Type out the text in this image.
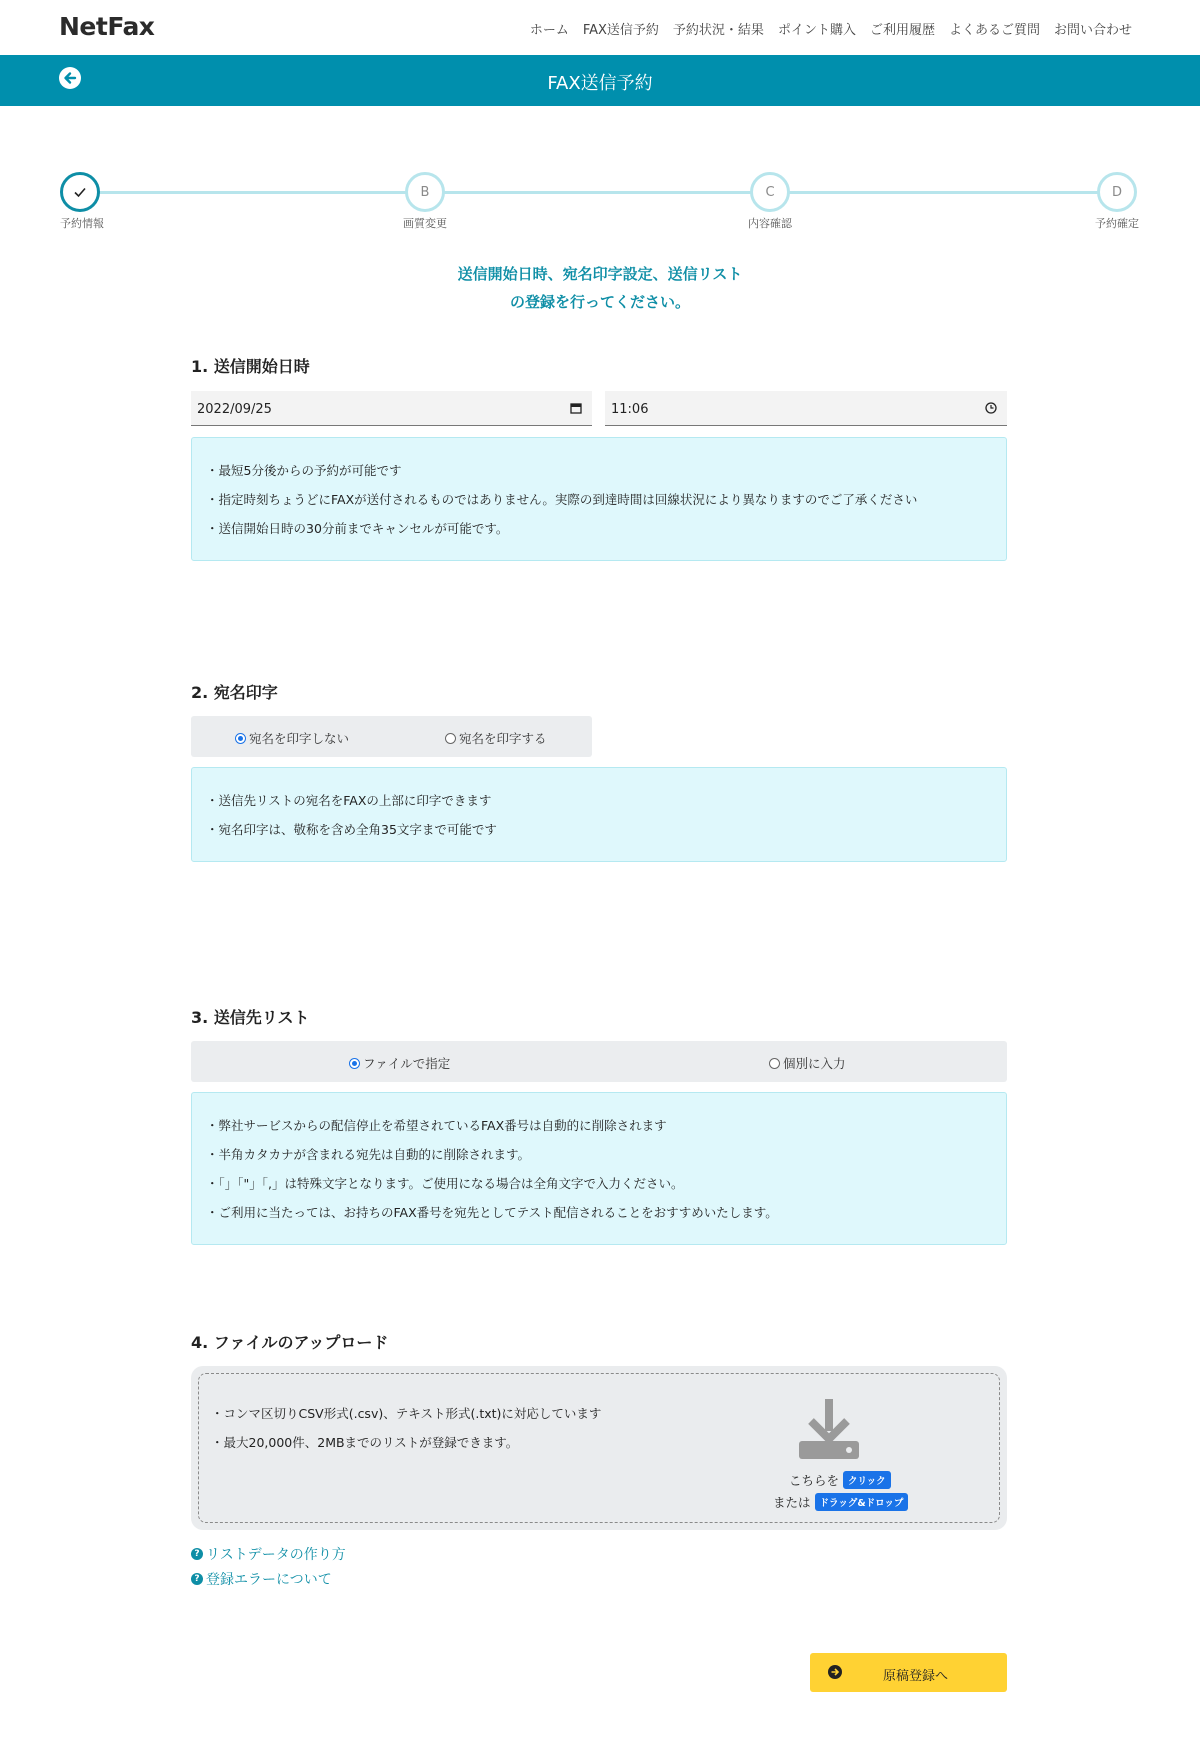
NetFax	ホーム FAX送信予約 予約状況・結果 ポイント購入 ご利用履歴 よくあるご質問 お問い合わせ
FAX送信予約
予約情報
B
画質変更
C
内容確認
D
予約確定
送信開始日時、宛名印字設定、送信リスト
の登録を行ってください。
1. 送信開始日時
2022/09/25	11:06

・最短5分後からの予約が可能です

・指定時刻ちょうどにFAXが送付されるものではありません。実際の到達時間は回線状況により異なりますのでご了承ください

・送信開始日時の30分前までキャンセルが可能です。

2. 宛名印字
宛名を印字しない	宛名を印字する

・送信先リストの宛名をFAXの上部に印字できます

・宛名印字は、敬称を含め全角35文字まで可能です

3. 送信先リスト
ファイルで指定	個別に入力

・弊社サービスからの配信停止を希望されているFAX番号は自動的に削除されます

・半角カタカナが含まれる宛先は自動的に削除されます。

・「」「"」「,」は特殊文字となります。ご使用になる場合は全角文字で入力ください。

・ご利用に当たっては、お持ちのFAX番号を宛先としてテスト配信されることをおすすめいたします。

4. ファイルのアップロード

・コンマ区切りCSV形式(.csv)、テキスト形式(.txt)に対応しています

・最大20,000件、2MBまでのリストが登録できます。

こちらを クリック
または ドラッグ&ドロップ
? リストデータの作り方
? 登録エラーについて
原稿登録へ
